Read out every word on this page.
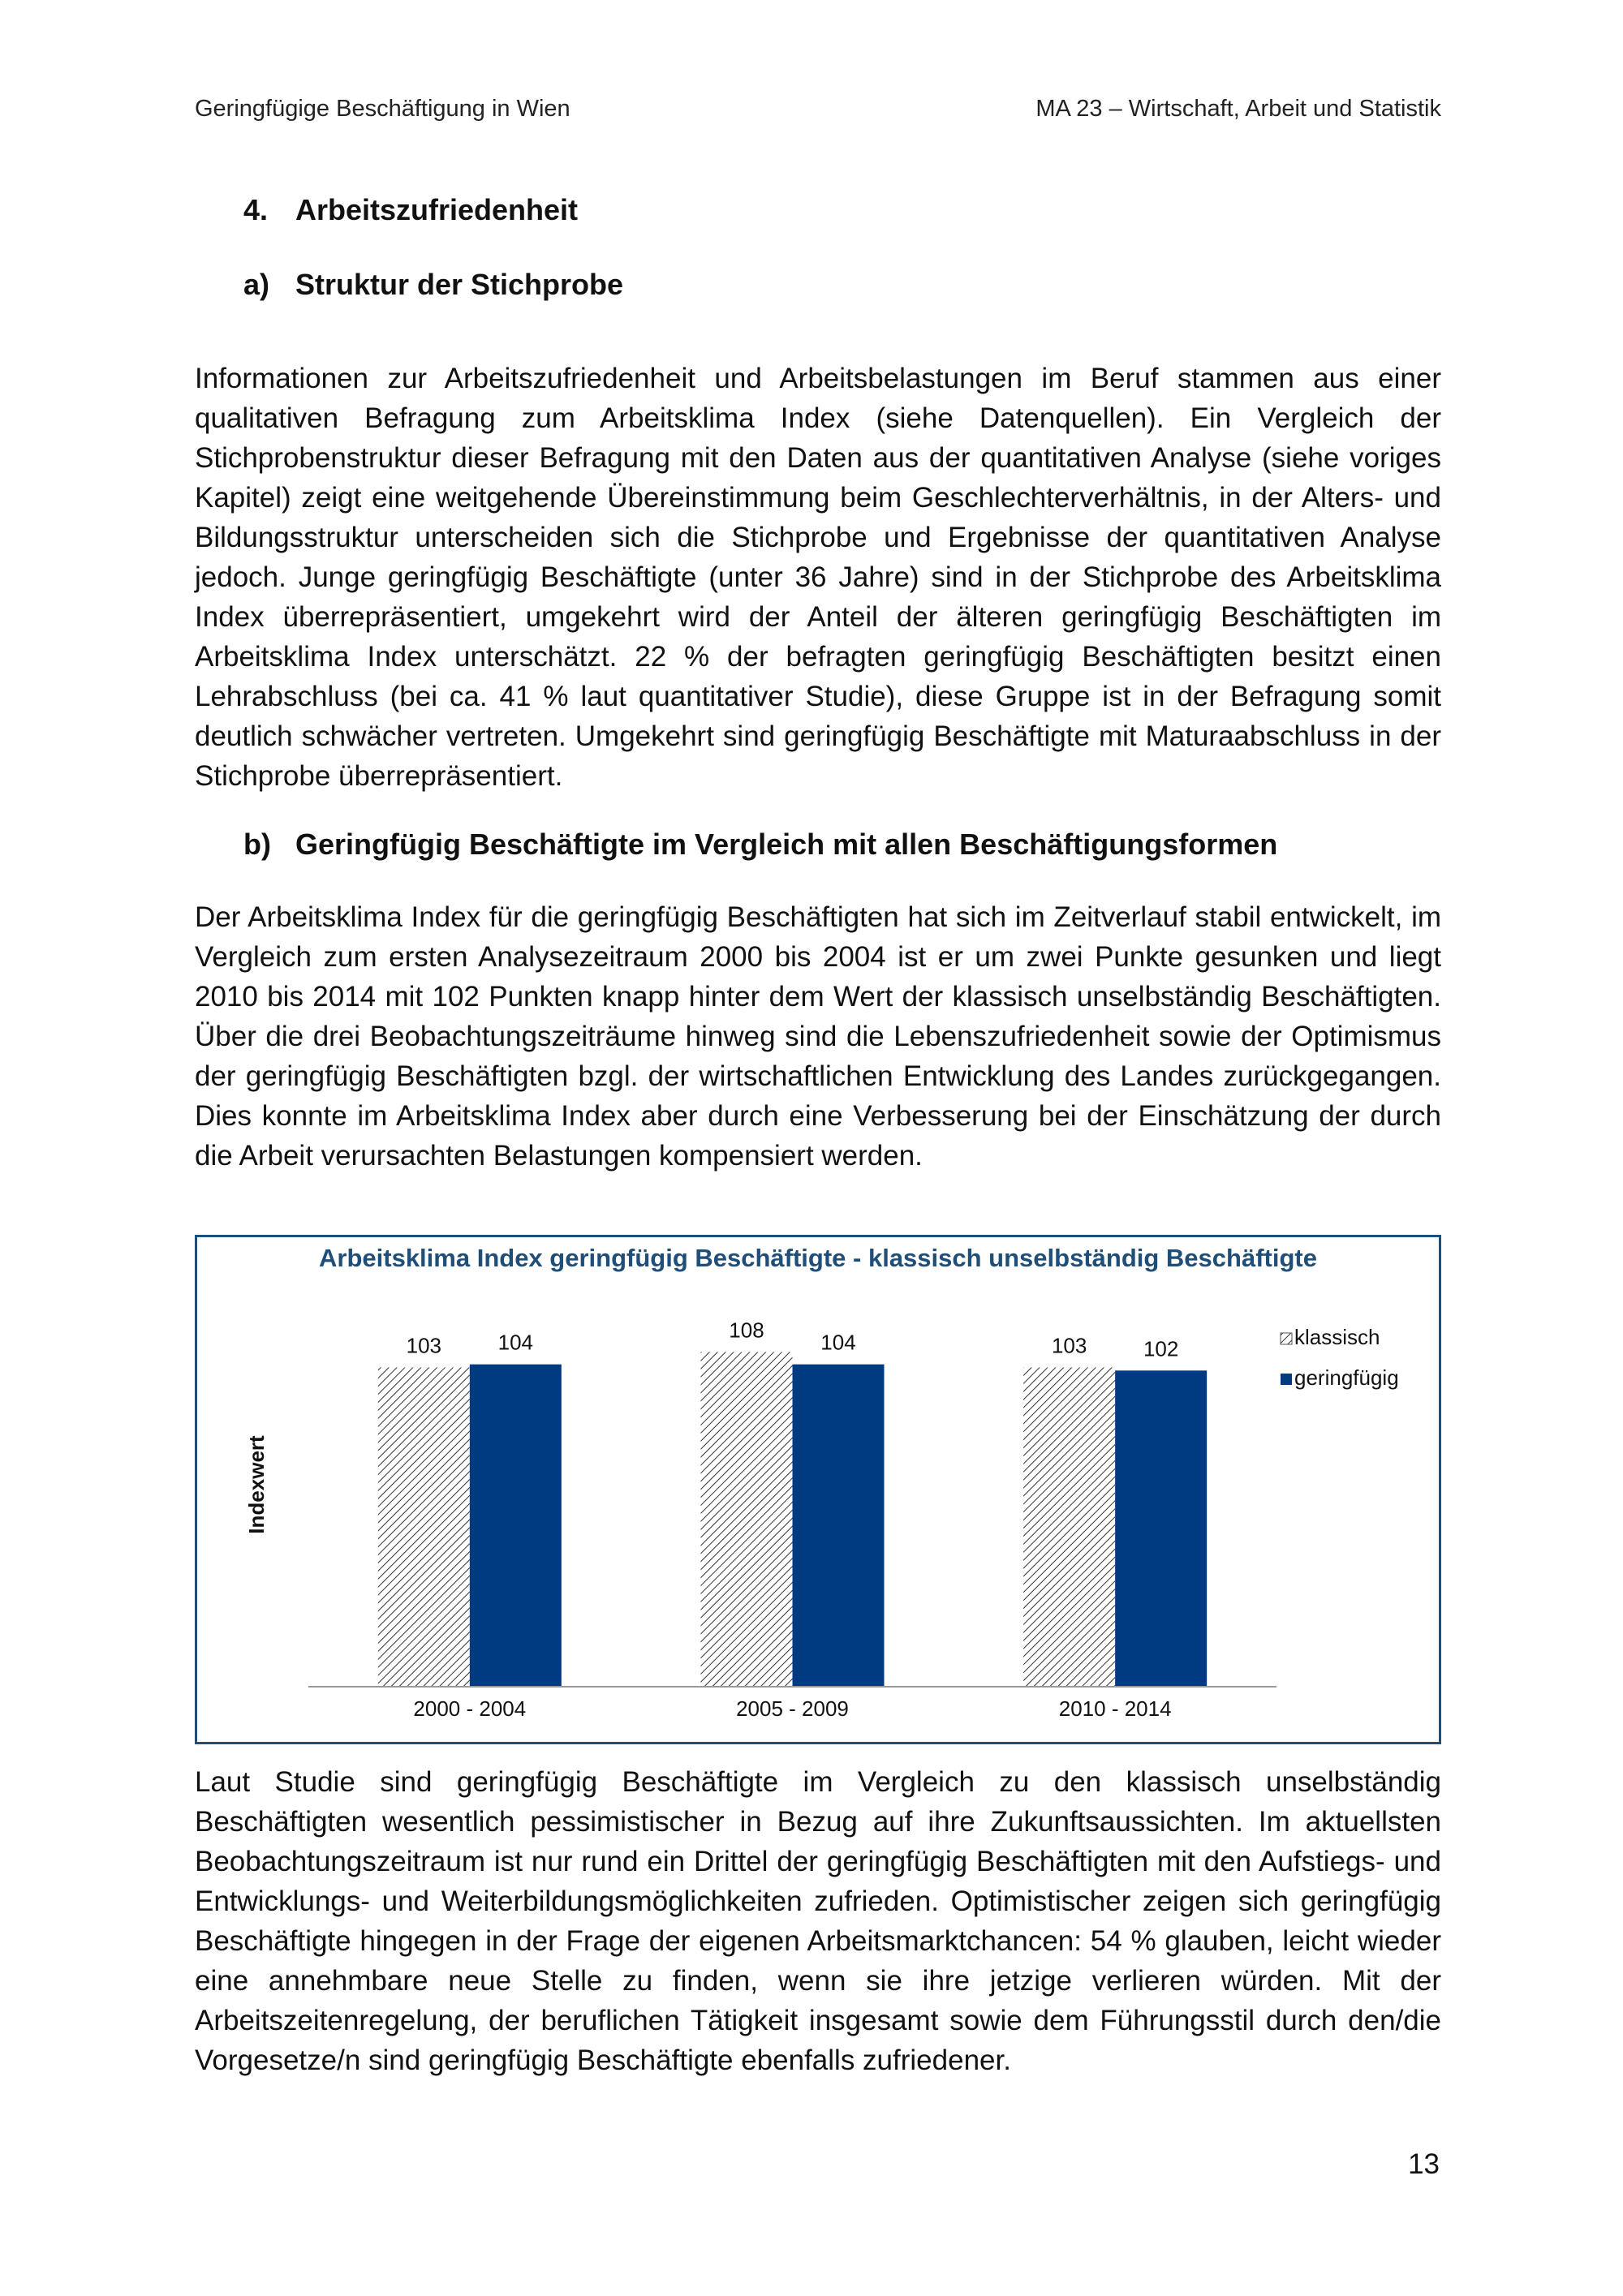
Geringfügige Beschäftigung in Wien	MA 23 – Wirtschaft, Arbeit und Statistik
4. Arbeitszufriedenheit
a) Struktur der Stichprobe

Informationen zur Arbeitszufriedenheit und Arbeitsbelastungen im Beruf stammen aus einer qualitativen Befragung zum Arbeitsklima Index (siehe Datenquellen). Ein Vergleich der Stichprobenstruktur dieser Befragung mit den Daten aus der quantitativen Analyse (siehe voriges Kapitel) zeigt eine weitgehende Übereinstimmung beim Geschlechterverhältnis, in der Alters- und Bildungsstruktur unterscheiden sich die Stichprobe und Ergebnisse der quantitativen Analyse jedoch. Junge geringfügig Beschäftigte (unter 36 Jahre) sind in der Stichprobe des Arbeitsklima Index überrepräsentiert, umgekehrt wird der Anteil der älteren geringfügig Beschäftigten im Arbeitsklima Index unterschätzt. 22 % der befragten geringfügig Beschäftigten besitzt einen Lehrabschluss (bei ca. 41 % laut quantitativer Studie), diese Gruppe ist in der Befragung somit deutlich schwächer vertreten. Umgekehrt sind geringfügig Beschäftigte mit Maturaabschluss in der Stichprobe überrepräsentiert.

b) Geringfügig Beschäftigte im Vergleich mit allen Beschäftigungsformen

Der Arbeitsklima Index für die geringfügig Beschäftigten hat sich im Zeitverlauf stabil entwickelt, im Vergleich zum ersten Analysezeitraum 2000 bis 2004 ist er um zwei Punkte gesunken und liegt 2010 bis 2014 mit 102 Punkten knapp hinter dem Wert der klassisch unselbständig Beschäftigten. Über die drei Beobachtungszeiträume hinweg sind die Lebenszufriedenheit sowie der Optimismus der geringfügig Beschäftigten bzgl. der wirtschaftlichen Entwicklung des Landes zurückgegangen. Dies konnte im Arbeitsklima Index aber durch eine Verbesserung bei der Einschätzung der durch die Arbeit verursachten Belastungen kompensiert werden.

Arbeitsklima Index geringfügig Beschäftigte - klassisch unselbständig Beschäftigte
Indexwert
103	104
2000 - 2004
108
104
2005 - 2009
103	102
2010 - 2014
klassisch
geringfügig

Laut Studie sind geringfügig Beschäftigte im Vergleich zu den klassisch unselbständig Beschäftigten wesentlich pessimistischer in Bezug auf ihre Zukunftsaussichten. Im aktuellsten Beobachtungszeitraum ist nur rund ein Drittel der geringfügig Beschäftigten mit den Aufstiegs- und Entwicklungs- und Weiterbildungsmöglichkeiten zufrieden. Optimistischer zeigen sich geringfügig Beschäftigte hingegen in der Frage der eigenen Arbeitsmarktchancen: 54 % glauben, leicht wieder eine annehmbare neue Stelle zu finden, wenn sie ihre jetzige verlieren würden. Mit der Arbeitszeitenregelung, der beruflichen Tätigkeit insgesamt sowie dem Führungsstil durch den/die Vorgesetze/n sind geringfügig Beschäftigte ebenfalls zufriedener.

13
